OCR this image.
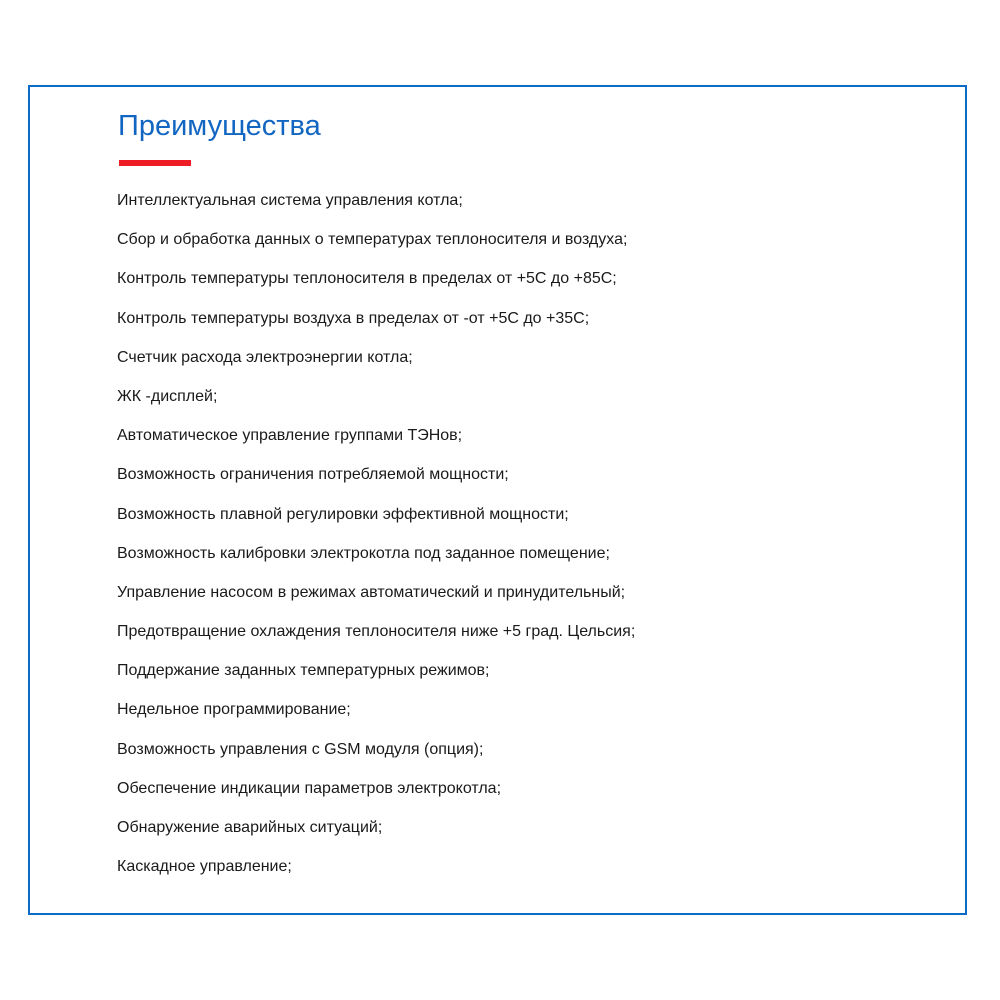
Преимущества
Интеллектуальная система управления котла;
Сбор и обработка данных о температурах теплоносителя и воздуха;
Контроль температуры теплоносителя в пределах от +5С до +85С;
Контроль температуры воздуха в пределах от -от +5С до +35С;
Счетчик расхода электроэнергии котла;
ЖК -дисплей;
Автоматическое управление группами ТЭНов;
Возможность ограничения потребляемой мощности;
Возможность плавной регулировки эффективной мощности;
Возможность калибровки электрокотла под заданное помещение;
Управление насосом в режимах автоматический и принудительный;
Предотвращение охлаждения теплоносителя ниже +5 град. Цельсия;
Поддержание заданных температурных режимов;
Недельное программирование;
Возможность управления с GSM модуля (опция);
Обеспечение индикации параметров электрокотла;
Обнаружение аварийных ситуаций;
Каскадное управление;
